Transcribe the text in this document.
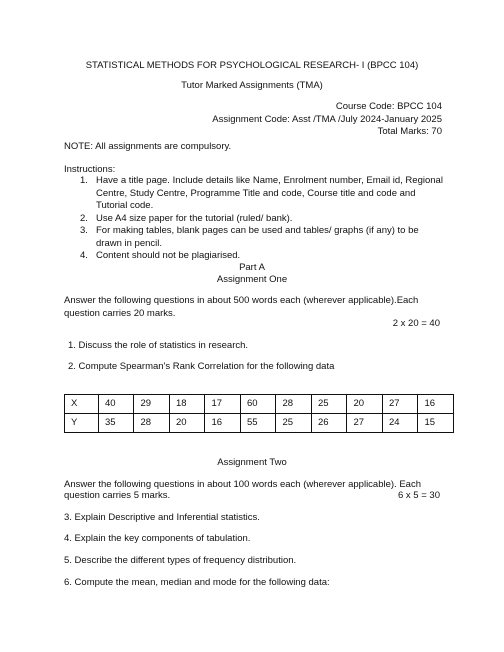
STATISTICAL METHODS FOR PSYCHOLOGICAL RESEARCH- I (BPCC 104)
Tutor Marked Assignments (TMA)
Course Code: BPCC 104
Assignment Code: Asst /TMA /July 2024-January 2025
Total Marks: 70
NOTE: All assignments are compulsory.
Instructions:
1. Have a title page. Include details like Name, Enrolment number, Email id, Regional Centre, Study Centre, Programme Title and code, Course title and code and Tutorial code.
2. Use A4 size paper for the tutorial (ruled/ bank).
3. For making tables, blank pages can be used and tables/ graphs (if any) to be drawn in pencil.
4. Content should not be plagiarised.
Part A
Assignment One
Answer the following questions in about 500 words each (wherever applicable).Each question carries 20 marks.
2 x 20 = 40
1. Discuss the role of statistics in research.
2. Compute Spearman's Rank Correlation for the following data
X	40	29	18	17	60	28	25	20	27	16
Y	35	28	20	16	55	25	26	27	24	15
Assignment Two
Answer the following questions in about 100 words each (wherever applicable). Each
question carries 5 marks.	6 x 5 = 30
3. Explain Descriptive and Inferential statistics.
4. Explain the key components of tabulation.
5. Describe the different types of frequency distribution.
6. Compute the mean, median and mode for the following data:
